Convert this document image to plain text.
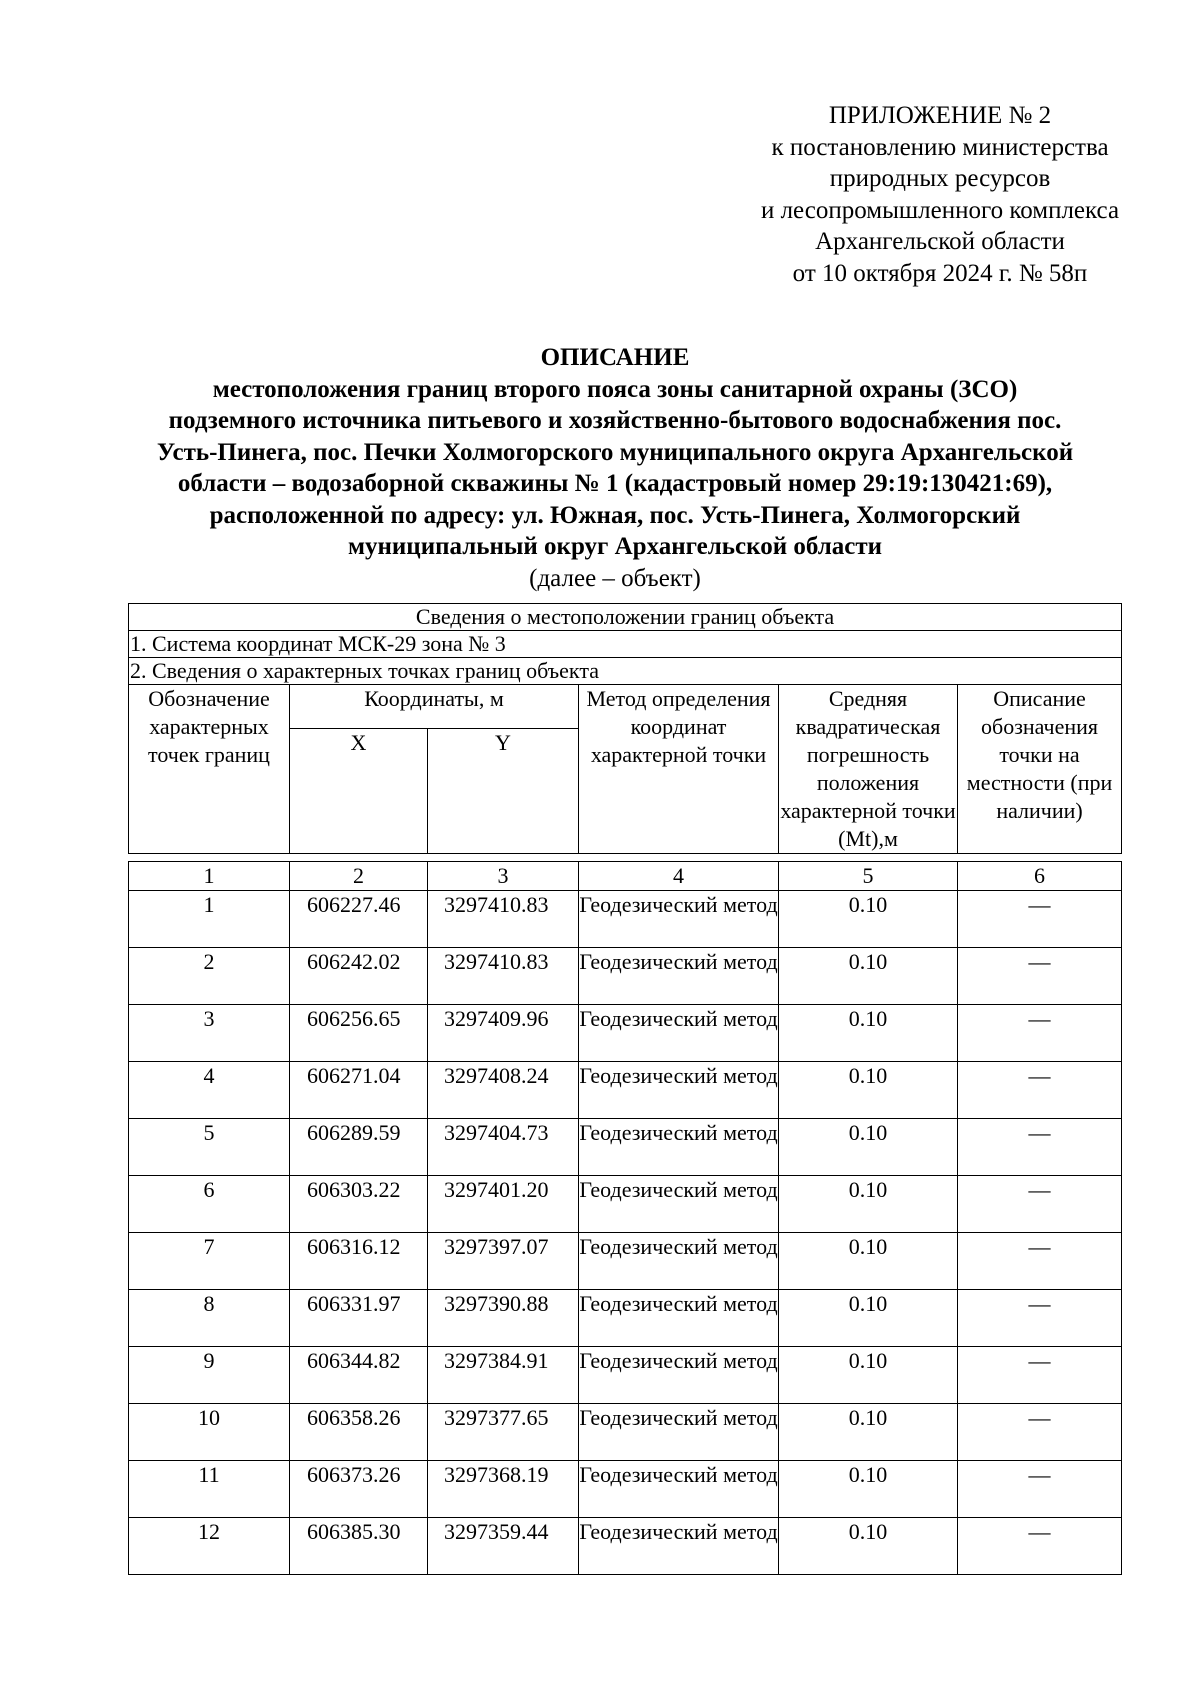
ПРИЛОЖЕНИЕ № 2
к постановлению министерства
природных ресурсов
и лесопромышленного комплекса
Архангельской области
от 10 октября 2024 г. № 58п
ОПИСАНИЕ
местоположения границ второго пояса зоны санитарной охраны (ЗСО)
подземного источника питьевого и хозяйственно-бытового водоснабжения пос.
Усть-Пинега, пос. Печки Холмогорского муниципального округа Архангельской
области – водозаборной скважины № 1 (кадастровый номер 29:19:130421:69),
расположенной по адресу: ул. Южная, пос. Усть-Пинега, Холмогорский
муниципальный округ Архангельской области
(далее – объект)
Сведения о местоположении границ объекта					
1. Система координат МСК-29 зона № 3					
2. Сведения о характерных точках границ объекта					
Обозначение характерных точек границ	Координаты, м		Метод определения координат характерной точки	Средняя квадратическая погрешность положения характерной точки (Mt),м	Описание обозначения точки на местности (при наличии)
	X	Y			
1	2	3	4	5	6
1	606227.46	3297410.83	Геодезический метод	0.10	—
2	606242.02	3297410.83	Геодезический метод	0.10	—
3	606256.65	3297409.96	Геодезический метод	0.10	—
4	606271.04	3297408.24	Геодезический метод	0.10	—
5	606289.59	3297404.73	Геодезический метод	0.10	—
6	606303.22	3297401.20	Геодезический метод	0.10	—
7	606316.12	3297397.07	Геодезический метод	0.10	—
8	606331.97	3297390.88	Геодезический метод	0.10	—
9	606344.82	3297384.91	Геодезический метод	0.10	—
10	606358.26	3297377.65	Геодезический метод	0.10	—
11	606373.26	3297368.19	Геодезический метод	0.10	—
12	606385.30	3297359.44	Геодезический метод	0.10	—
